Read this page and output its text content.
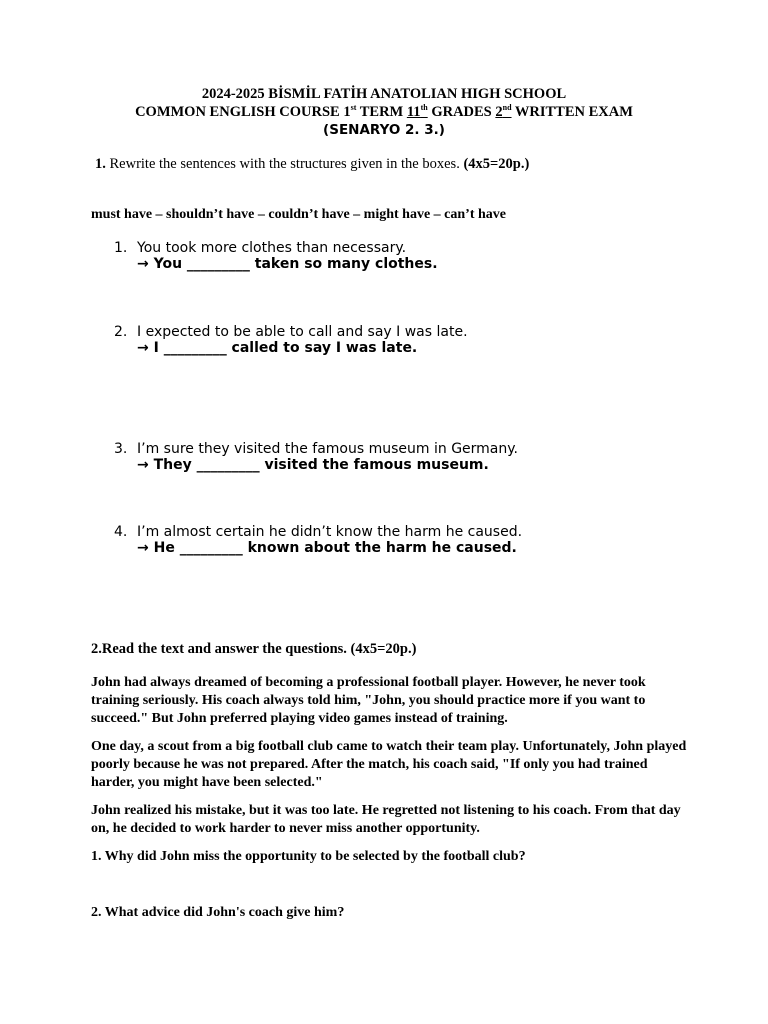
2024-2025 BİSMİL FATİH ANATOLIAN HIGH SCHOOL
COMMON ENGLISH COURSE 1st TERM 11th GRADES 2nd WRITTEN EXAM
(SENARYO 2. 3.)
1. Rewrite the sentences with the structures given in the boxes. (4x5=20p.)
must have – shouldn’t have – couldn’t have – might have – can’t have
1. You took more clothes than necessary.
→ You _________ taken so many clothes.
2. I expected to be able to call and say I was late.
→ I _________ called to say I was late.
3. I’m sure they visited the famous museum in Germany.
→ They _________ visited the famous museum.
4. I’m almost certain he didn’t know the harm he caused.
→ He _________ known about the harm he caused.
2.Read the text and answer the questions. (4x5=20p.)

John had always dreamed of becoming a professional football player. However, he never took training seriously. His coach always told him, "John, you should practice more if you want to succeed." But John preferred playing video games instead of training.

One day, a scout from a big football club came to watch their team play. Unfortunately, John played poorly because he was not prepared. After the match, his coach said, "If only you had trained harder, you might have been selected."

John realized his mistake, but it was too late. He regretted not listening to his coach. From that day on, he decided to work harder to never miss another opportunity.

1. Why did John miss the opportunity to be selected by the football club?
2. What advice did John's coach give him?
